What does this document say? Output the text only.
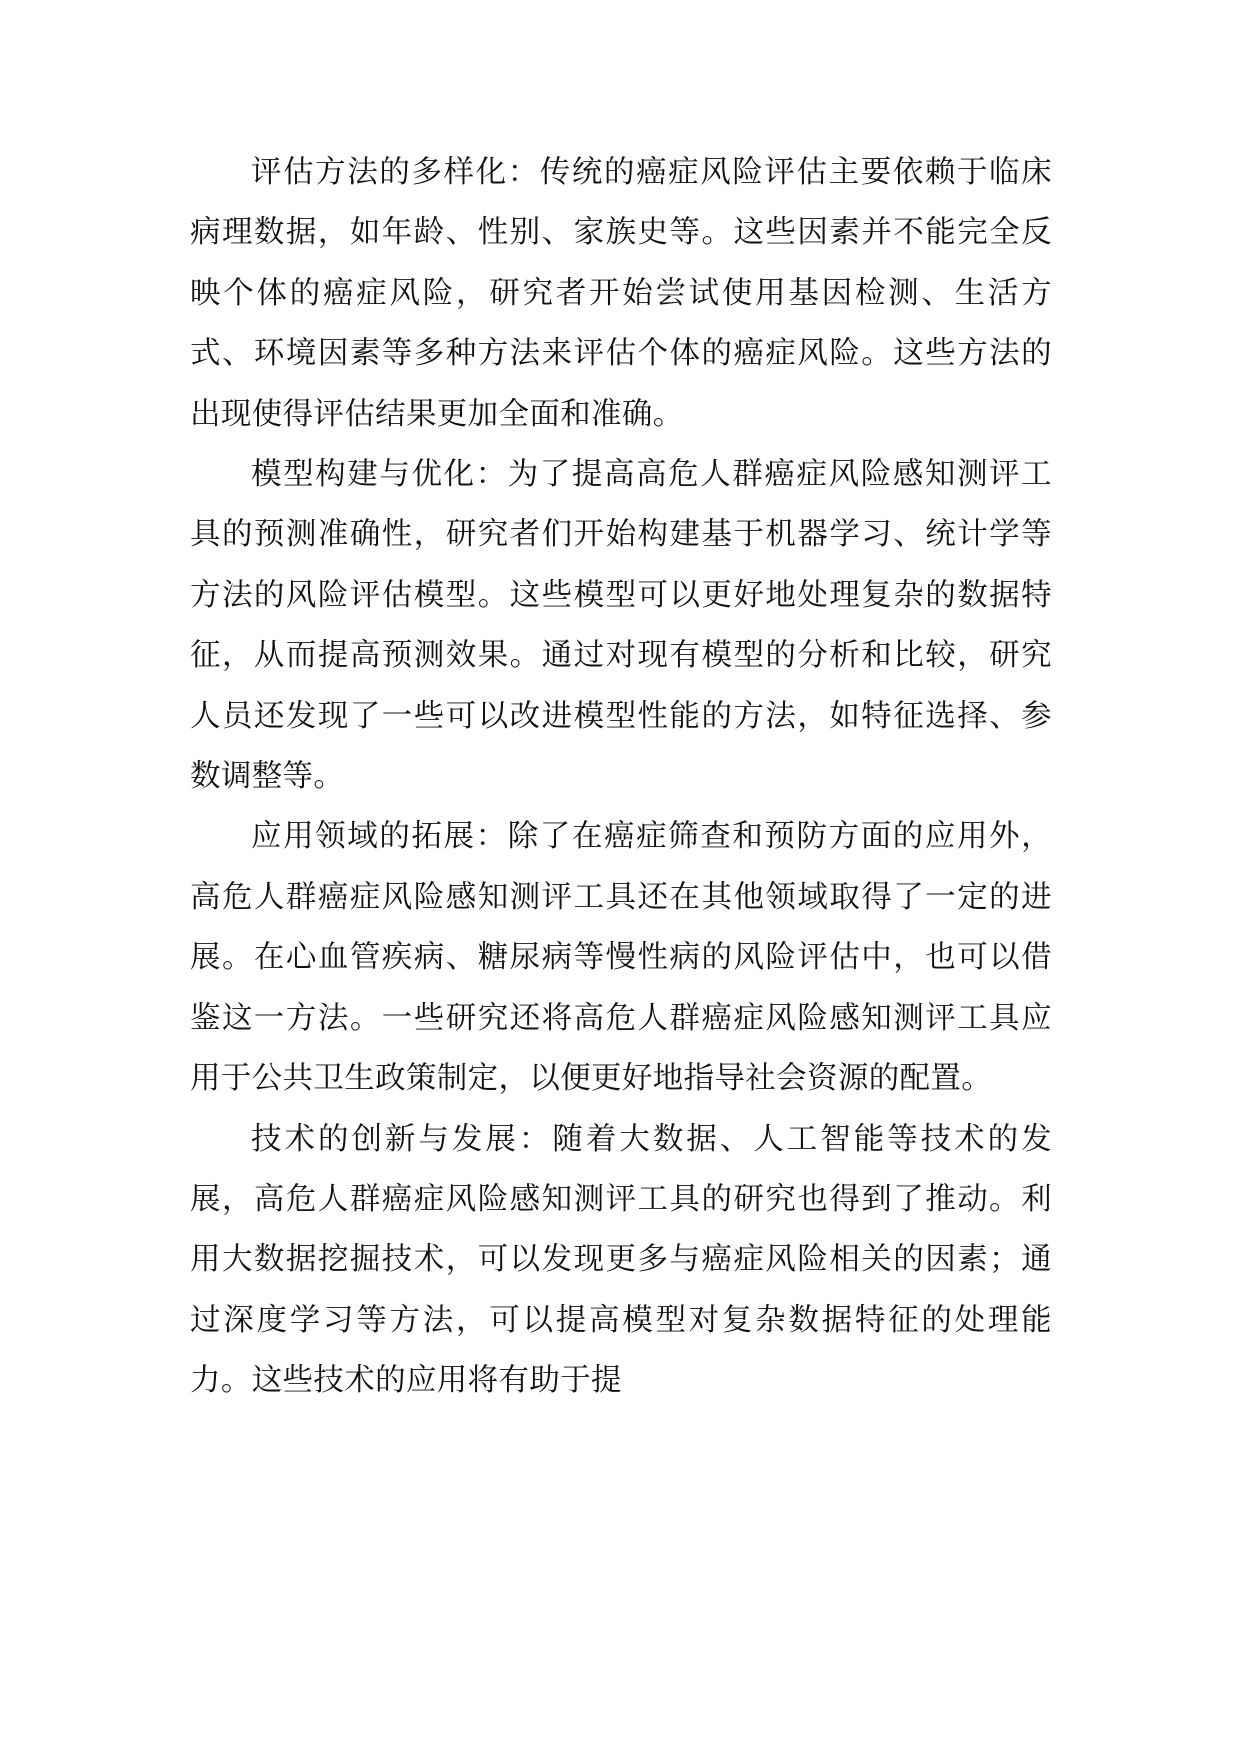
评估方法的多样化：传统的癌症风险评估主要依赖于临床病理数据，如年龄、性别、家族史等。这些因素并不能完全反映个体的癌症风险，研究者开始尝试使用基因检测、生活方式、环境因素等多种方法来评估个体的癌症风险。这些方法的出现使得评估结果更加全面和准确。

模型构建与优化：为了提高高危人群癌症风险感知测评工具的预测准确性，研究者们开始构建基于机器学习、统计学等方法的风险评估模型。这些模型可以更好地处理复杂的数据特征，从而提高预测效果。通过对现有模型的分析和比较，研究人员还发现了一些可以改进模型性能的方法，如特征选择、参数调整等。

应用领域的拓展：除了在癌症筛查和预防方面的应用外，高危人群癌症风险感知测评工具还在其他领域取得了一定的进展。在心血管疾病、糖尿病等慢性病的风险评估中，也可以借鉴这一方法。一些研究还将高危人群癌症风险感知测评工具应用于公共卫生政策制定，以便更好地指导社会资源的配置。

技术的创新与发展：随着大数据、人工智能等技术的发展，高危人群癌症风险感知测评工具的研究也得到了推动。利用大数据挖掘技术，可以发现更多与癌症风险相关的因素；通过深度学习等方法，可以提高模型对复杂数据特征的处理能力。这些技术的应用将有助于提
